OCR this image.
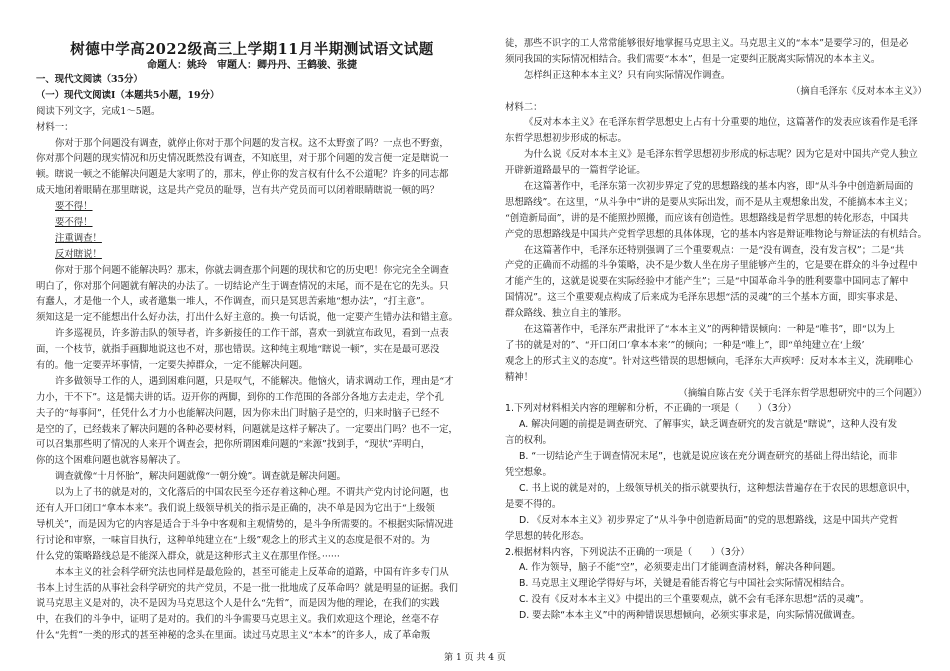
树德中学高2022级高三上学期11月半期测试语文试题
命题人：姚玲　审题人：卿丹丹、王鹤骏、张捷
一、现代文阅读（35分）
（一）现代文阅读Ⅰ（本题共5小题，19分）
阅读下列文字，完成1～5题。
材料一：
你对于那个问题没有调查，就停止你对于那个问题的发言权。这不太野蛮了吗？一点也不野蛮，
你对那个问题的现实情况和历史情况既然没有调查，不知底里，对于那个问题的发言便一定是瞎说一
顿。瞎说一顿之不能解决问题是大家明了的，那末，停止你的发言权有什么不公道呢？许多的同志都
成天地闭着眼睛在那里瞎说，这是共产党员的耻辱，岂有共产党员而可以闭着眼睛瞎说一顿的吗？
要不得！
要不得！
注重调查！
反对瞎说！
你对于那个问题不能解决吗？那末，你就去调查那个问题的现状和它的历史吧！你完完全全调查
明白了，你对那个问题就有解决的办法了。一切结论产生于调查情况的末尾，而不是在它的先头。只
有蠢人，才是他一个人，或者邀集一堆人，不作调查，而只是冥思苦索地“想办法”，“打主意”。
须知这是一定不能想出什么好办法，打出什么好主意的。换一句话说，他一定要产生错办法和错主意。
许多巡视员，许多游击队的领导者，许多新接任的工作干部，喜欢一到就宣布政见，看到一点表
面，一个枝节，就指手画脚地说这也不对，那也错误。这种纯主观地“瞎说一顿”，实在是最可恶没
有的。他一定要弄坏事情，一定要失掉群众，一定不能解决问题。
许多做领导工作的人，遇到困难问题，只是叹气，不能解决。他恼火，请求调动工作，理由是“才
力小，干不下”。这是懦夫讲的话。迈开你的两脚，到你的工作范围的各部分各地方去走走，学个孔
夫子的“每事问”，任凭什么才力小也能解决问题，因为你未出门时脑子是空的，归来时脑子已经不
是空的了，已经载来了解决问题的各种必要材料，问题就是这样子解决了。一定要出门吗？也不一定，
可以召集那些明了情况的人来开个调查会，把你所谓困难问题的“来源”找到手，“现状”弄明白，
你的这个困难问题也就容易解决了。
调查就像“十月怀胎”，解决问题就像“一朝分娩”。调查就是解决问题。
以为上了书的就是对的，文化落后的中国农民至今还存着这种心理。不谓共产党内讨论问题，也
还有人开口闭口“拿本本来”。我们说上级领导机关的指示是正确的，决不单是因为它出于“上级领
导机关”，而是因为它的内容是适合于斗争中客观和主观情势的，是斗争所需要的。不根据实际情况进
行讨论和审察，一味盲目执行，这种单纯建立在“上级”观念上的形式主义的态度是很不对的。为
什么党的策略路线总是不能深入群众，就是这种形式主义在那里作怪。······
本本主义的社会科学研究法也同样是最危险的，甚至可能走上反革命的道路，中国有许多专门从
书本上讨生活的从事社会科学研究的共产党员，不是一批一批地成了反革命吗？就是明显的证据。我们
说马克思主义是对的，决不是因为马克思这个人是什么“先哲”，而是因为他的理论，在我们的实践
中，在我们的斗争中，证明了是对的。我们的斗争需要马克思主义。我们欢迎这个理论，丝毫不存
什么“先哲”一类的形式的甚至神秘的念头在里面。读过马克思主义“本本”的许多人，成了革命叛
徒，那些不识字的工人常常能够很好地掌握马克思主义。马克思主义的“本本”是要学习的，但是必
须同我国的实际情况相结合。我们需要“本本”，但是一定要纠正脱离实际情况的本本主义。
怎样纠正这种本本主义？只有向实际情况作调查。
（摘自毛泽东《反对本本主义》）
材料二：
《反对本本主义》在毛泽东哲学思想史上占有十分重要的地位，这篇著作的发表应该看作是毛泽
东哲学思想初步形成的标志。
为什么说《反对本本主义》是毛泽东哲学思想初步形成的标志呢？因为它是对中国共产党人独立
开辟新道路最早的一篇哲学论证。
在这篇著作中，毛泽东第一次初步界定了党的思想路线的基本内容，即“从斗争中创造新局面的
思想路线”。在这里，“从斗争中”讲的是要从实际出发，而不是从主观想象出发，不能搞本本主义；
“创造新局面”，讲的是不能照抄照搬，而应该有创造性。思想路线是哲学思想的转化形态，中国共
产党的思想路线是中国共产党哲学思想的具体体现，它的基本内容是辩证唯物论与辩证法的有机结合。
在这篇著作中，毛泽东还特别强调了三个重要观点：一是“没有调查，没有发言权”；二是“共
产党的正确而不动摇的斗争策略，决不是少数人坐在房子里能够产生的，它是要在群众的斗争过程中
才能产生的，这就是说要在实际经验中才能产生”；三是“中国革命斗争的胜利要靠中国同志了解中
国情况”。这三个重要观点构成了后来成为毛泽东思想“活的灵魂”的三个基本方面，即实事求是、
群众路线、独立自主的雏形。
在这篇著作中，毛泽东严肃批评了“本本主义”的两种错误倾向：一种是“唯书”，即“以为上
了书的就是对的”、“开口闭口‘拿本本来’”的倾向；一种是“唯上”，即“单纯建立在‘上级’
观念上的形式主义的态度”。针对这些错误的思想倾向，毛泽东大声疾呼：反对本本主义，洗刷唯心
精神！
（摘编自陈占安《关于毛泽东哲学思想研究中的三个问题》）
1.下列对材料相关内容的理解和分析，不正确的一项是（　　）（3分）
A. 解决问题的前提是调查研究、了解事实，缺乏调查研究的发言就是“瞎说”，这种人没有发
言的权利。
B. “一切结论产生于调查情况末尾”，也就是说应该在充分调查研究的基础上得出结论，而非
凭空想象。
C. 书上说的就是对的，上级领导机关的指示就要执行，这种想法普遍存在于农民的思想意识中，
是要不得的。
D. 《反对本本主义》初步界定了“从斗争中创造新局面”的党的思想路线，这是中国共产党哲
学思想的转化形态。
2.根据材料内容，下列说法不正确的一项是（　　）（3分）
A. 作为领导，脑子不能“空”，必须要走出门才能调查清材料，解决各种问题。
B. 马克思主义理论学得好与坏，关键是看能否将它与中国社会实际情况相结合。
C. 没有《反对本本主义》中提出的三个重要观点，就不会有毛泽东思想“活的灵魂”。
D. 要去除“本本主义”中的两种错误思想倾向，必须实事求是，向实际情况做调查。
第 1 页 共 4 页
